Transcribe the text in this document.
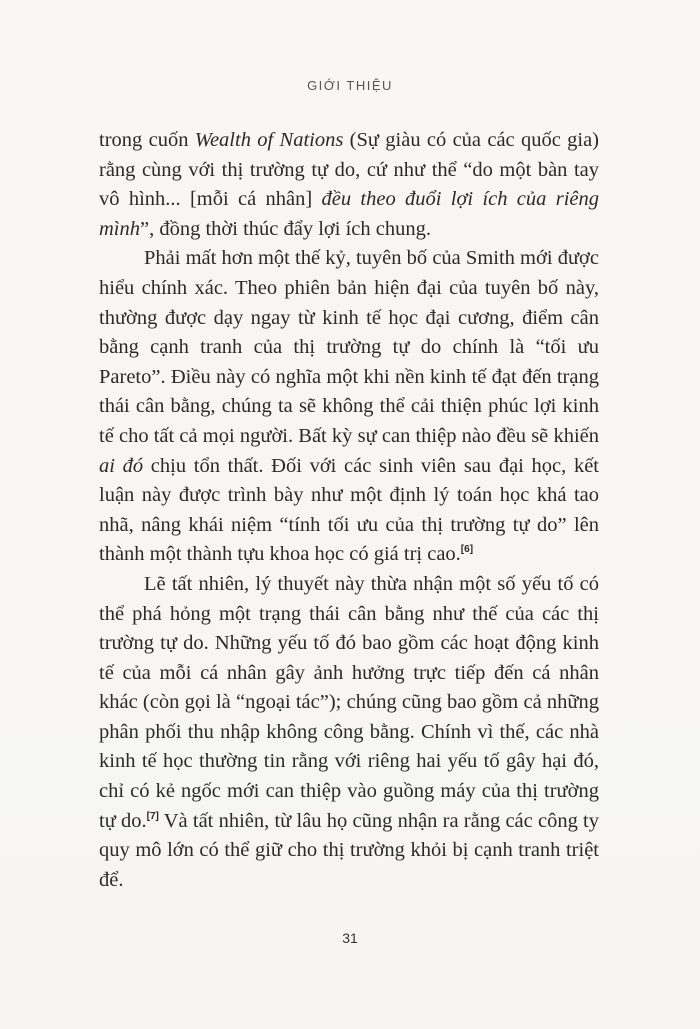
GIỚI THIỆU

trong cuốn Wealth of Nations (Sự giàu có của các quốc gia) rằng cùng với thị trường tự do, cứ như thể “do một bàn tay vô hình... [mỗi cá nhân] đều theo đuổi lợi ích của riêng mình”, đồng thời thúc đẩy lợi ích chung.

Phải mất hơn một thế kỷ, tuyên bố của Smith mới được hiểu chính xác. Theo phiên bản hiện đại của tuyên bố này, thường được dạy ngay từ kinh tế học đại cương, điểm cân bằng cạnh tranh của thị trường tự do chính là “tối ưu Pareto”. Điều này có nghĩa một khi nền kinh tế đạt đến trạng thái cân bằng, chúng ta sẽ không thể cải thiện phúc lợi kinh tế cho tất cả mọi người. Bất kỳ sự can thiệp nào đều sẽ khiến ai đó chịu tổn thất. Đối với các sinh viên sau đại học, kết luận này được trình bày như một định lý toán học khá tao nhã, nâng khái niệm “tính tối ưu của thị trường tự do” lên thành một thành tựu khoa học có giá trị cao.[6]

Lẽ tất nhiên, lý thuyết này thừa nhận một số yếu tố có thể phá hỏng một trạng thái cân bằng như thế của các thị trường tự do. Những yếu tố đó bao gồm các hoạt động kinh tế của mỗi cá nhân gây ảnh hưởng trực tiếp đến cá nhân khác (còn gọi là “ngoại tác”); chúng cũng bao gồm cả những phân phối thu nhập không công bằng. Chính vì thế, các nhà kinh tế học thường tin rằng với riêng hai yếu tố gây hại đó, chỉ có kẻ ngốc mới can thiệp vào guồng máy của thị trường tự do.[7] Và tất nhiên, từ lâu họ cũng nhận ra rằng các công ty quy mô lớn có thể giữ cho thị trường khỏi bị cạnh tranh triệt để.

31
